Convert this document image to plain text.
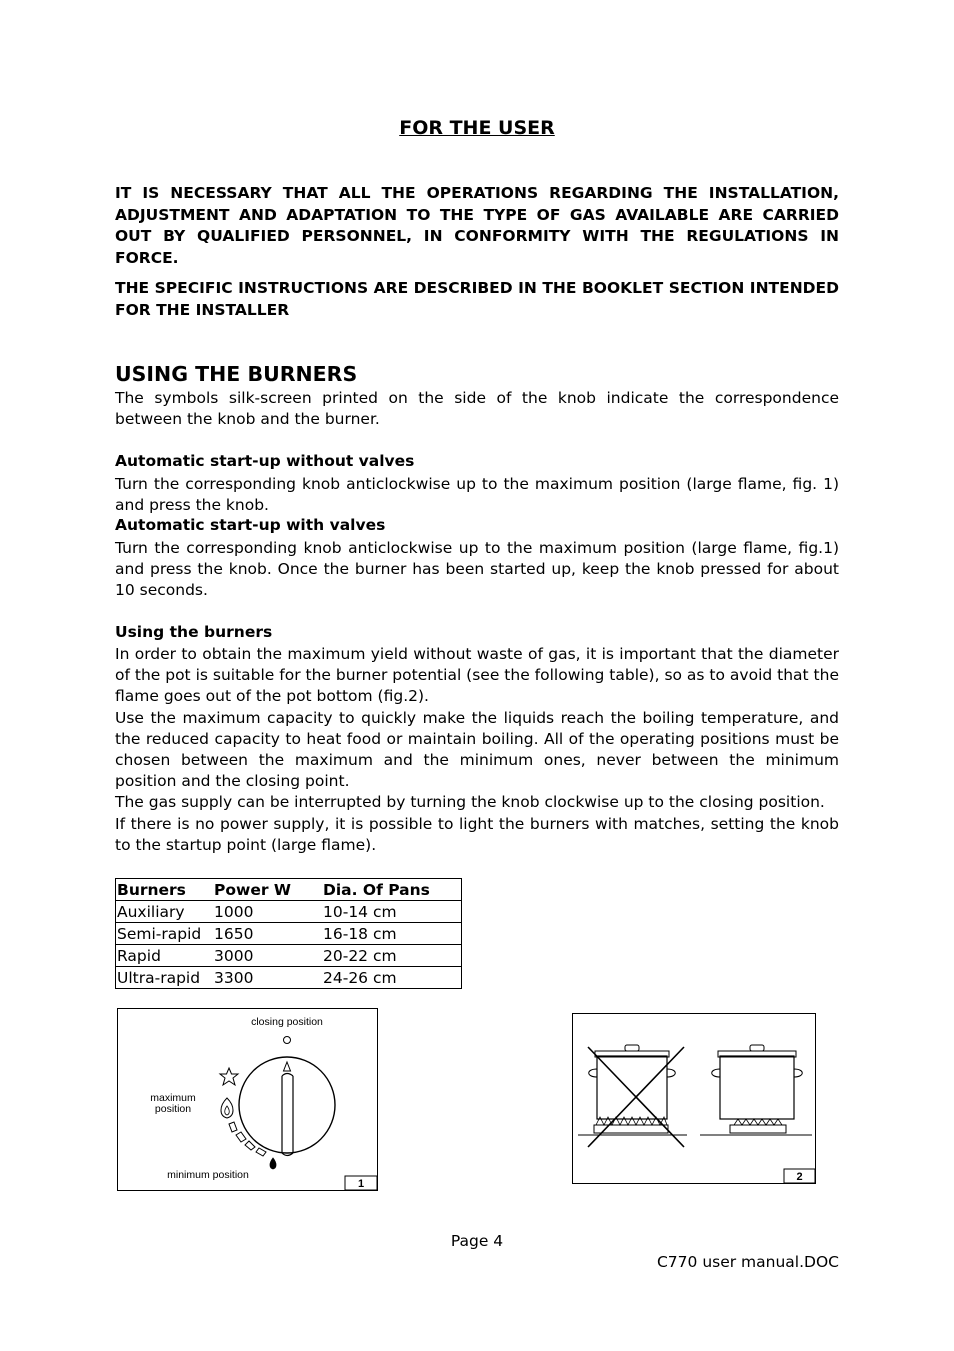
FOR THE USER

IT IS NECESSARY THAT ALL THE OPERATIONS REGARDING THE INSTALLATION, ADJUSTMENT AND ADAPTATION TO THE TYPE OF GAS AVAILABLE ARE CARRIED OUT BY QUALIFIED PERSONNEL, IN CONFORMITY WITH THE REGULATIONS IN FORCE.

THE SPECIFIC INSTRUCTIONS ARE DESCRIBED IN THE BOOKLET SECTION INTENDED FOR THE INSTALLER

USING THE BURNERS

The symbols silk-screen printed on the side of the knob indicate the correspondence between the knob and the burner.

Automatic start-up without valves

Turn the corresponding knob anticlockwise up to the maximum position (large flame, fig. 1) and press the knob.

Automatic start-up with valves

Turn the corresponding knob anticlockwise up to the maximum position (large flame, fig.1) and press the knob. Once the burner has been started up, keep the knob pressed for about 10 seconds.

Using the burners

In order to obtain the maximum yield without waste of gas, it is important that the diameter of the pot is suitable for the burner potential (see the following table), so as to avoid that the flame goes out of the pot bottom (fig.2).

Use the maximum capacity to quickly make the liquids reach the boiling temperature, and the reduced capacity to heat food or maintain boiling. All of the operating positions must be chosen between the maximum and the minimum ones, never between the minimum position and the closing point.

The gas supply can be interrupted by turning the knob clockwise up to the closing position.

If there is no power supply, it is possible to light the burners with matches, setting the knob to the startup point (large flame).

Burners	Power W	Dia. Of Pans
Auxiliary	1000	10-14 cm
Semi-rapid	1650	16-18 cm
Rapid	3000	20-22 cm
Ultra-rapid	3300	24-26 cm
closing position
maximum
position
minimum position
1
2
Page 4
C770 user manual.DOC
